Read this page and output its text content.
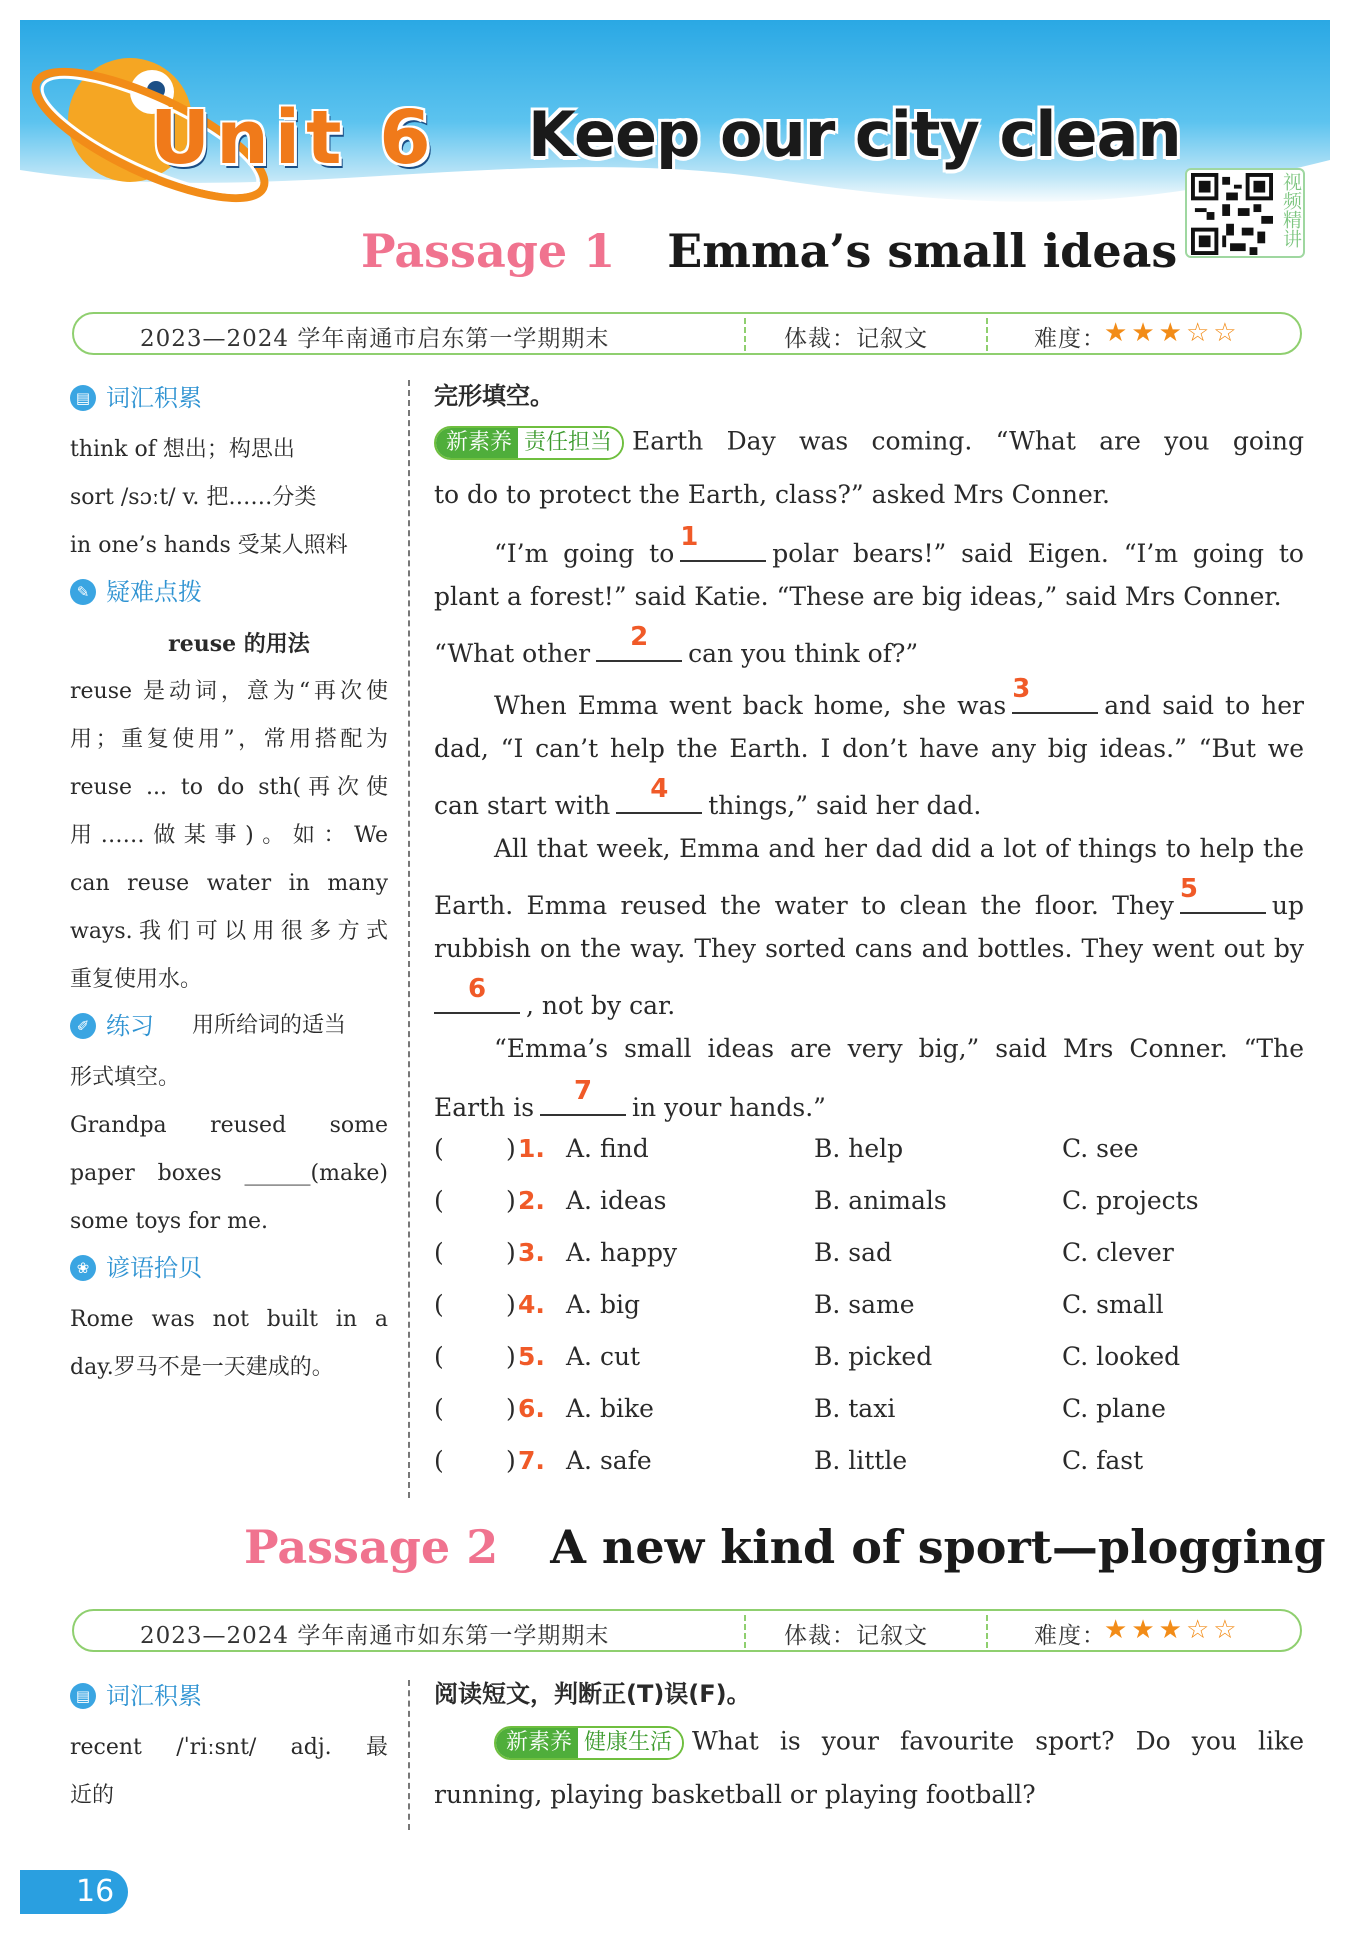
Unit 6 Keep our city clean
视频精讲
Passage 1 Emma’s small ideas
2023—2024 学年南通市启东第一学期期末	体裁：记叙文	难度：
★★★☆☆
▤ 词汇积累

think of 想出；构思出

sort /sɔːt/ v. 把……分类

in one’s hands 受某人照料

✎ 疑难点拨

reuse 的用法

reuse 是动词，意为“再次使

用；重复使用”，常用搭配为

reuse ... to do sth(再次使

用……做某事)。如：We

can reuse water in many

ways.我们可以用很多方式

重复使用水。

✐ 练习 用所给词的适当

形式填空。

Grandpa reused some

paper boxes ______(make)

some toys for me.

❀ 谚语拾贝

Rome was not built in a

day.罗马不是一天建成的。

完形填空。
新素养 责任担当 Earth Day was coming. “What are you going
to do to protect the Earth, class?” asked Mrs Conner.
“I’m going to
1
polar bears!” said Eigen. “I’m going to
plant a forest!” said Katie. “These are big ideas,” said Mrs Conner.
“What other
2
can you think of?”
When Emma went back home, she was
3
and said to her
dad, “I can’t help the Earth. I don’t have any big ideas.” “But we
can start with
4
things,” said her dad.
All that week, Emma and her dad did a lot of things to help the
Earth. Emma reused the water to clean the floor. They
5
up
rubbish on the way. They sorted cans and bottles. They went out by
6
, not by car.
“Emma’s small ideas are very big,” said Mrs Conner. “The
Earth is
7
in your hands.”
( ) 1. A. find	B. help	C. see
( ) 2. A. ideas	B. animals	C. projects
( ) 3. A. happy	B. sad	C. clever
( ) 4. A. big	B. same	C. small
( ) 5. A. cut	B. picked	C. looked
( ) 6. A. bike	B. taxi	C. plane
( ) 7. A. safe	B. little	C. fast
Passage 2 A new kind of sport—plogging
2023—2024 学年南通市如东第一学期期末	体裁：记叙文	难度：
★★★☆☆
▤ 词汇积累

recent /ˈriːsnt/ adj. 最

近的

阅读短文，判断正(T)误(F)。
新素养 健康生活 What is your favourite sport? Do you like
running, playing basketball or playing football?
16
